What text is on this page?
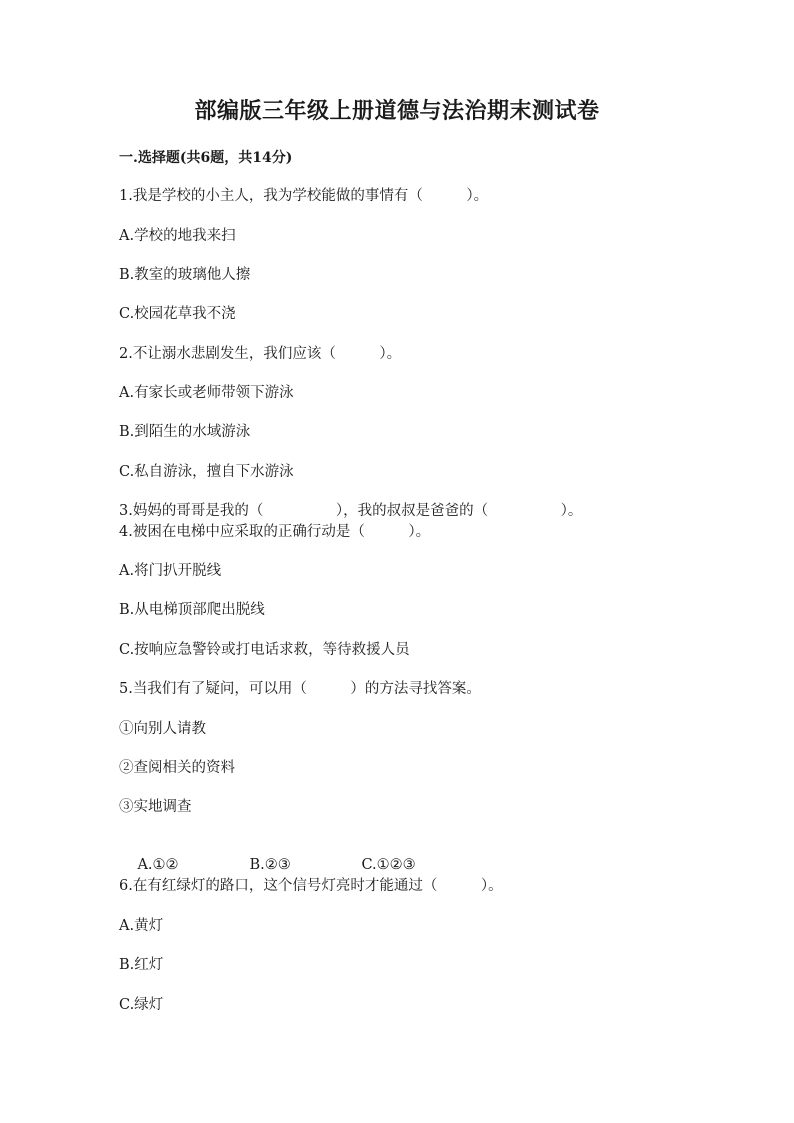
部编版三年级上册道德与法治期末测试卷
一.选择题(共6题，共14分)
1.我是学校的小主人，我为学校能做的事情有（　　　）。
A.学校的地我来扫
B.教室的玻璃他人擦
C.校园花草我不浇
2.不让溺水悲剧发生，我们应该（　　　）。
A.有家长或老师带领下游泳
B.到陌生的水域游泳
C.私自游泳，擅自下水游泳
3.妈妈的哥哥是我的（　　　　　），我的叔叔是爸爸的（　　　　　）。
4.被困在电梯中应采取的正确行动是（　　　）。
A.将门扒开脱线
B.从电梯顶部爬出脱线
C.按响应急警铃或打电话求救，等待救援人员
5.当我们有了疑问，可以用（　　　）的方法寻找答案。
①向别人请教
②查阅相关的资料
③实地调查

A.①②	B.②③	C.①②③

6.在有红绿灯的路口，这个信号灯亮时才能通过（　　　）。
A.黄灯
B.红灯
C.绿灯
